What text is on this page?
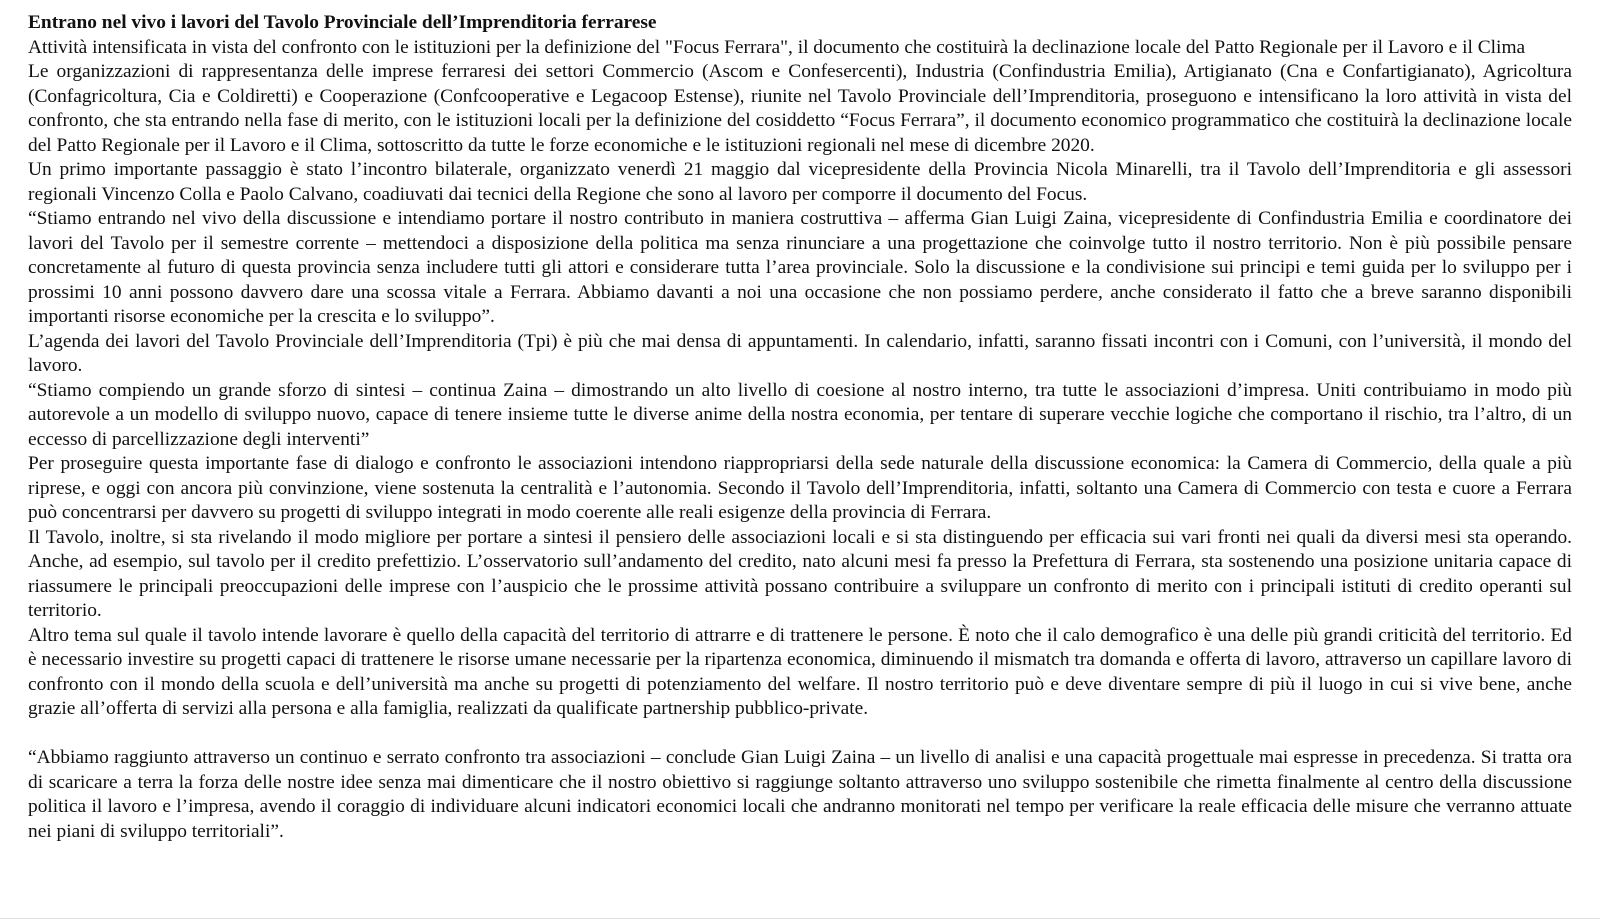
Entrano nel vivo i lavori del Tavolo Provinciale dell’Imprenditoria ferrarese

Attività intensificata in vista del confronto con le istituzioni per la definizione del "Focus Ferrara", il documento che costituirà la declinazione locale del Patto Regionale per il Lavoro e il Clima

Le organizzazioni di rappresentanza delle imprese ferraresi dei settori Commercio (Ascom e Confesercenti), Industria (Confindustria Emilia), Artigianato (Cna e Confartigianato), Agricoltura (Confagricoltura, Cia e Coldiretti) e Cooperazione (Confcooperative e Legacoop Estense), riunite nel Tavolo Provinciale dell’Imprenditoria, proseguono e intensificano la loro attività in vista del confronto, che sta entrando nella fase di merito, con le istituzioni locali per la definizione del cosiddetto “Focus Ferrara”, il documento economico programmatico che costituirà la declinazione locale del Patto Regionale per il Lavoro e il Clima, sottoscritto da tutte le forze economiche e le istituzioni regionali nel mese di dicembre 2020.

Un primo importante passaggio è stato l’incontro bilaterale, organizzato venerdì 21 maggio dal vicepresidente della Provincia Nicola Minarelli, tra il Tavolo dell’Imprenditoria e gli assessori regionali Vincenzo Colla e Paolo Calvano, coadiuvati dai tecnici della Regione che sono al lavoro per comporre il documento del Focus.

“Stiamo entrando nel vivo della discussione e intendiamo portare il nostro contributo in maniera costruttiva – afferma Gian Luigi Zaina, vicepresidente di Confindustria Emilia e coordinatore dei lavori del Tavolo per il semestre corrente – mettendoci a disposizione della politica ma senza rinunciare a una progettazione che coinvolge tutto il nostro territorio. Non è più possibile pensare concretamente al futuro di questa provincia senza includere tutti gli attori e considerare tutta l’area provinciale. Solo la discussione e la condivisione sui principi e temi guida per lo sviluppo per i prossimi 10 anni possono davvero dare una scossa vitale a Ferrara. Abbiamo davanti a noi una occasione che non possiamo perdere, anche considerato il fatto che a breve saranno disponibili importanti risorse economiche per la crescita e lo sviluppo”.

L’agenda dei lavori del Tavolo Provinciale dell’Imprenditoria (Tpi) è più che mai densa di appuntamenti. In calendario, infatti, saranno fissati incontri con i Comuni, con l’università, il mondo del lavoro.

“Stiamo compiendo un grande sforzo di sintesi – continua Zaina – dimostrando un alto livello di coesione al nostro interno, tra tutte le associazioni d’impresa. Uniti contribuiamo in modo più autorevole a un modello di sviluppo nuovo, capace di tenere insieme tutte le diverse anime della nostra economia, per tentare di superare vecchie logiche che comportano il rischio, tra l’altro, di un eccesso di parcellizzazione degli interventi”

Per proseguire questa importante fase di dialogo e confronto le associazioni intendono riappropriarsi della sede naturale della discussione economica: la Camera di Commercio, della quale a più riprese, e oggi con ancora più convinzione, viene sostenuta la centralità e l’autonomia. Secondo il Tavolo dell’Imprenditoria, infatti, soltanto una Camera di Commercio con testa e cuore a Ferrara può concentrarsi per davvero su progetti di sviluppo integrati in modo coerente alle reali esigenze della provincia di Ferrara.

Il Tavolo, inoltre, si sta rivelando il modo migliore per portare a sintesi il pensiero delle associazioni locali e si sta distinguendo per efficacia sui vari fronti nei quali da diversi mesi sta operando. Anche, ad esempio, sul tavolo per il credito prefettizio. L’osservatorio sull’andamento del credito, nato alcuni mesi fa presso la Prefettura di Ferrara, sta sostenendo una posizione unitaria capace di riassumere le principali preoccupazioni delle imprese con l’auspicio che le prossime attività possano contribuire a sviluppare un confronto di merito con i principali istituti di credito operanti sul territorio.

Altro tema sul quale il tavolo intende lavorare è quello della capacità del territorio di attrarre e di trattenere le persone. È noto che il calo demografico è una delle più grandi criticità del territorio. Ed è necessario investire su progetti capaci di trattenere le risorse umane necessarie per la ripartenza economica, diminuendo il mismatch tra domanda e offerta di lavoro, attraverso un capillare lavoro di confronto con il mondo della scuola e dell’università ma anche su progetti di potenziamento del welfare. Il nostro territorio può e deve diventare sempre di più il luogo in cui si vive bene, anche grazie all’offerta di servizi alla persona e alla famiglia, realizzati da qualificate partnership pubblico-private.

“Abbiamo raggiunto attraverso un continuo e serrato confronto tra associazioni – conclude Gian Luigi Zaina – un livello di analisi e una capacità progettuale mai espresse in precedenza. Si tratta ora di scaricare a terra la forza delle nostre idee senza mai dimenticare che il nostro obiettivo si raggiunge soltanto attraverso uno sviluppo sostenibile che rimetta finalmente al centro della discussione politica il lavoro e l’impresa, avendo il coraggio di individuare alcuni indicatori economici locali che andranno monitorati nel tempo per verificare la reale efficacia delle misure che verranno attuate nei piani di sviluppo territoriali”.
